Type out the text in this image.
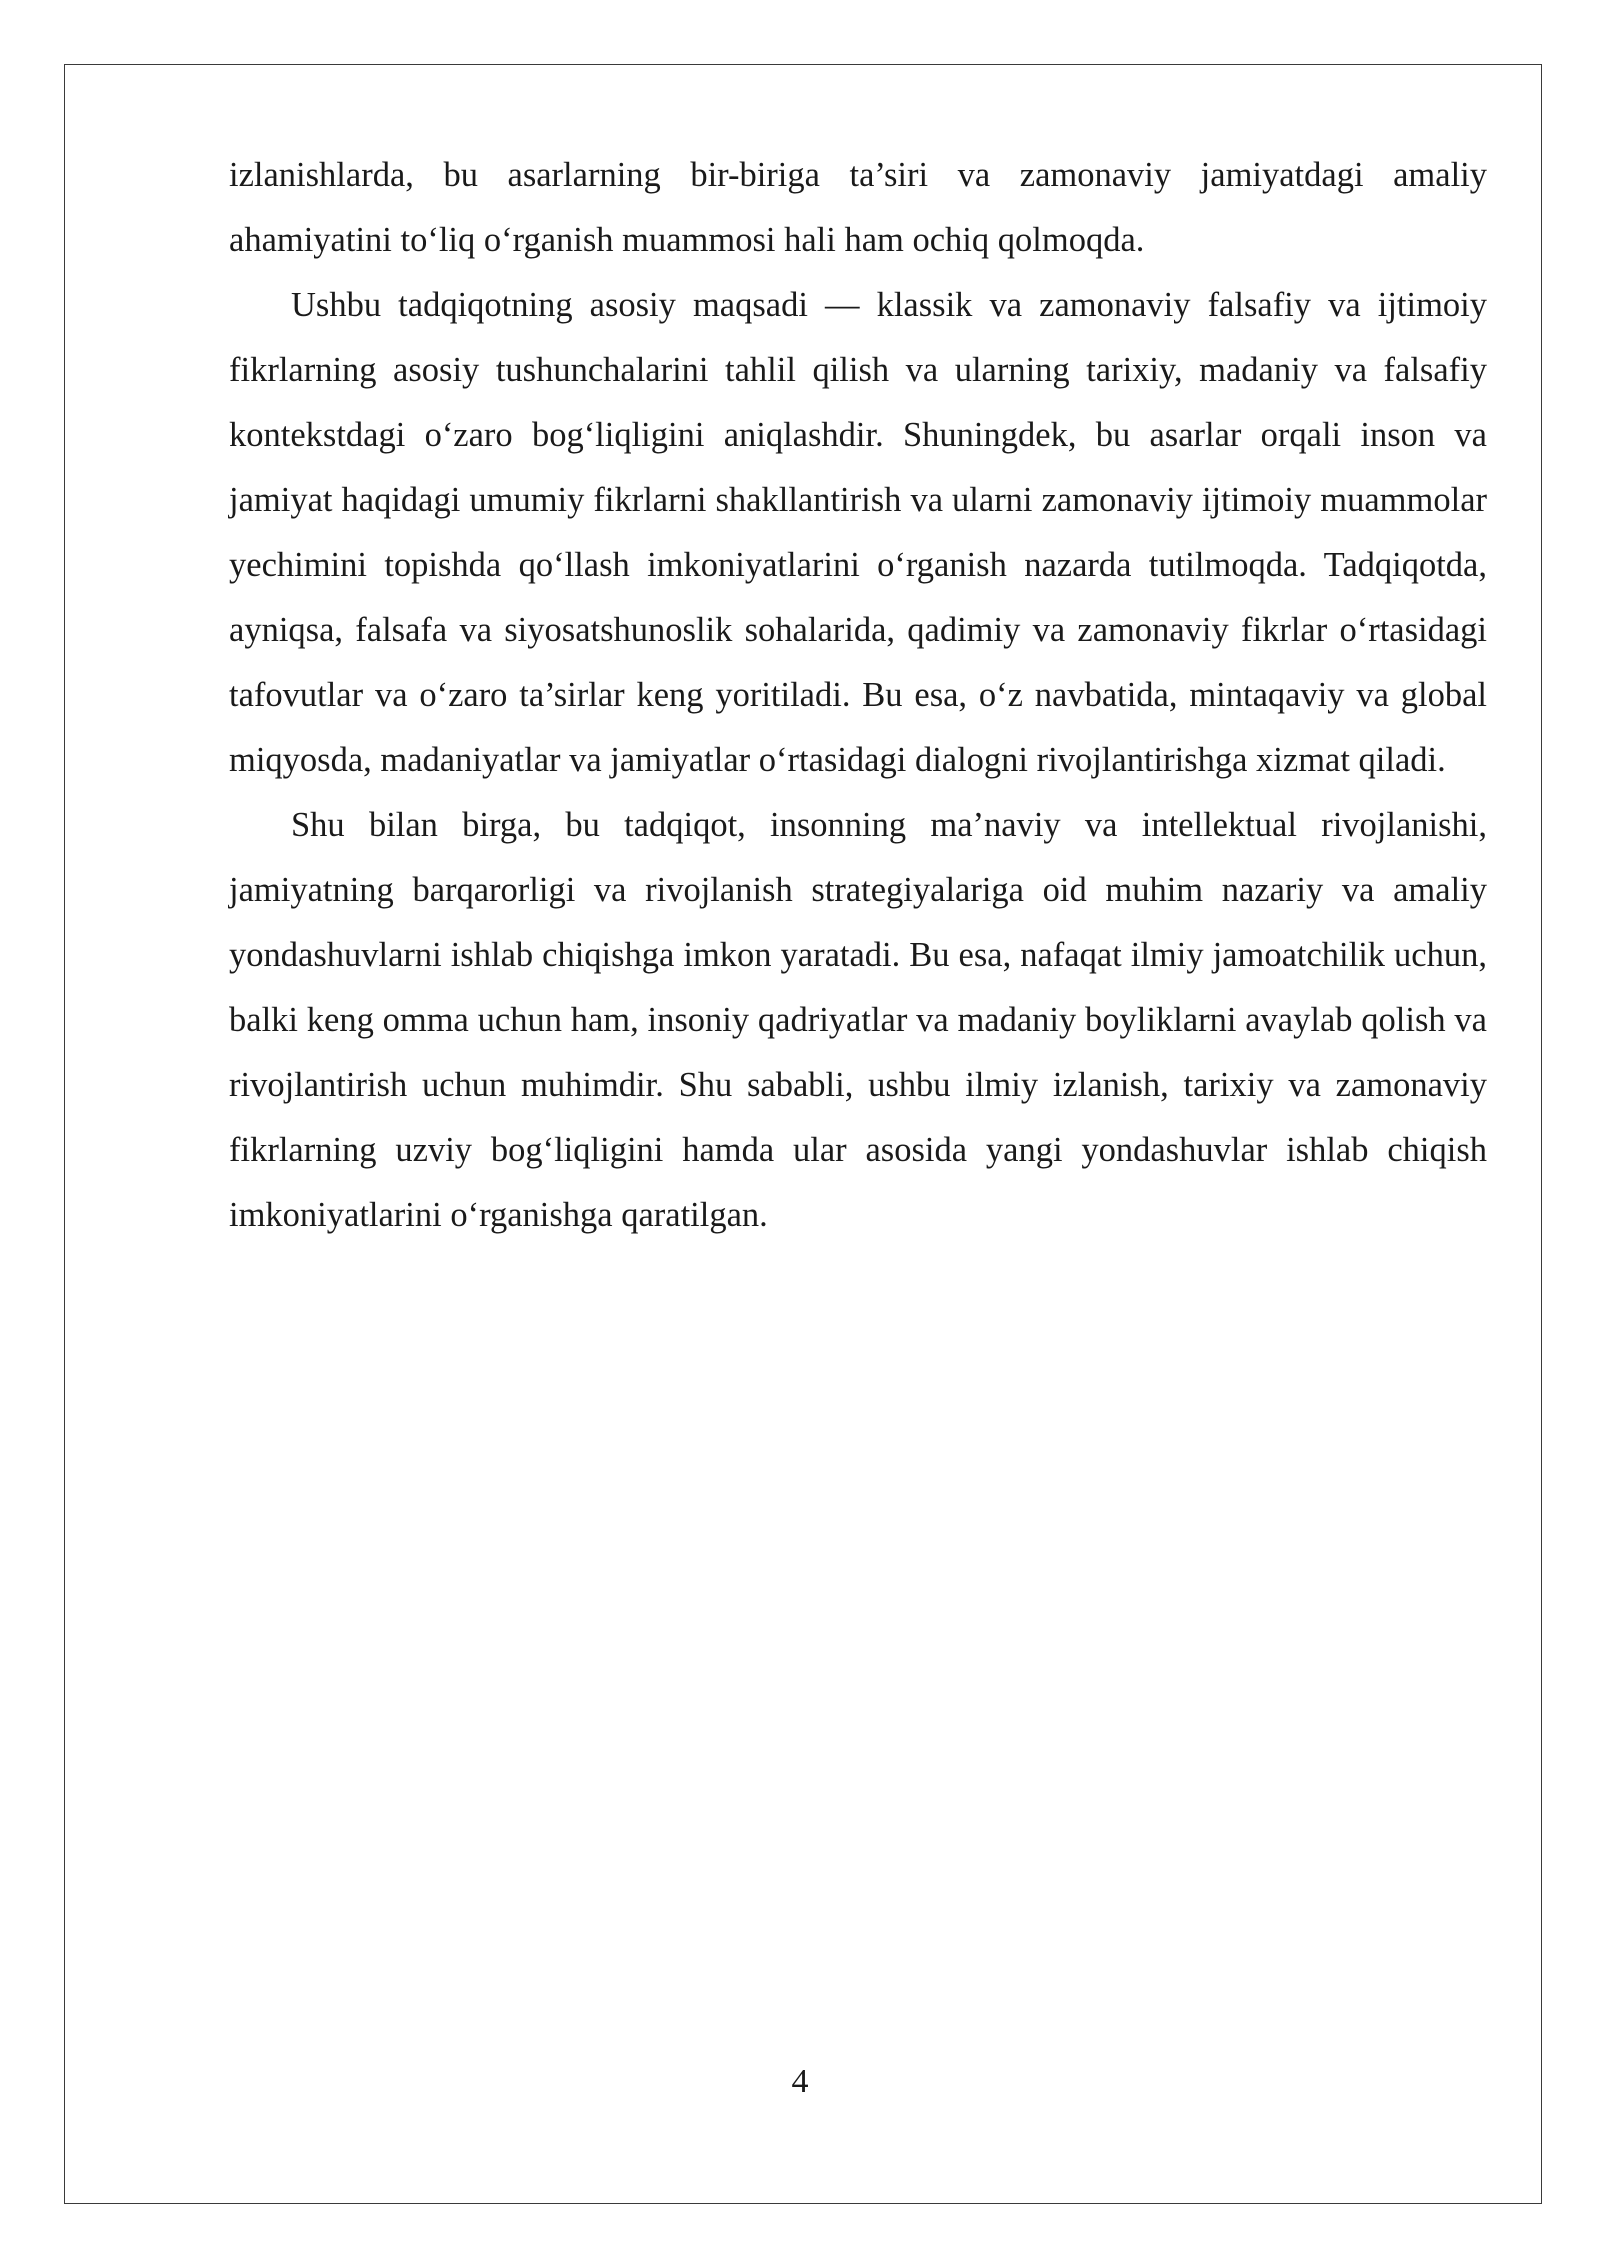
izlanishlarda, bu asarlarning bir-biriga ta’siri va zamonaviy jamiyatdagi amaliy ahamiyatini to‘liq o‘rganish muammosi hali ham ochiq qolmoqda.

Ushbu tadqiqotning asosiy maqsadi — klassik va zamonaviy falsafiy va ijtimoiy fikrlarning asosiy tushunchalarini tahlil qilish va ularning tarixiy, madaniy va falsafiy kontekstdagi o‘zaro bog‘liqligini aniqlashdir. Shuningdek, bu asarlar orqali inson va jamiyat haqidagi umumiy fikrlarni shakllantirish va ularni zamonaviy ijtimoiy muammolar yechimini topishda qo‘llash imkoniyatlarini o‘rganish nazarda tutilmoqda. Tadqiqotda, ayniqsa, falsafa va siyosatshunoslik sohalarida, qadimiy va zamonaviy fikrlar o‘rtasidagi tafovutlar va o‘zaro ta’sirlar keng yoritiladi. Bu esa, o‘z navbatida, mintaqaviy va global miqyosda, madaniyatlar va jamiyatlar o‘rtasidagi dialogni rivojlantirishga xizmat qiladi.

Shu bilan birga, bu tadqiqot, insonning ma’naviy va intellektual rivojlanishi, jamiyatning barqarorligi va rivojlanish strategiyalariga oid muhim nazariy va amaliy yondashuvlarni ishlab chiqishga imkon yaratadi. Bu esa, nafaqat ilmiy jamoatchilik uchun, balki keng omma uchun ham, insoniy qadriyatlar va madaniy boyliklarni avaylab qolish va rivojlantirish uchun muhimdir. Shu sababli, ushbu ilmiy izlanish, tarixiy va zamonaviy fikrlarning uzviy bog‘liqligini hamda ular asosida yangi yondashuvlar ishlab chiqish imkoniyatlarini o‘rganishga qaratilgan.

4
